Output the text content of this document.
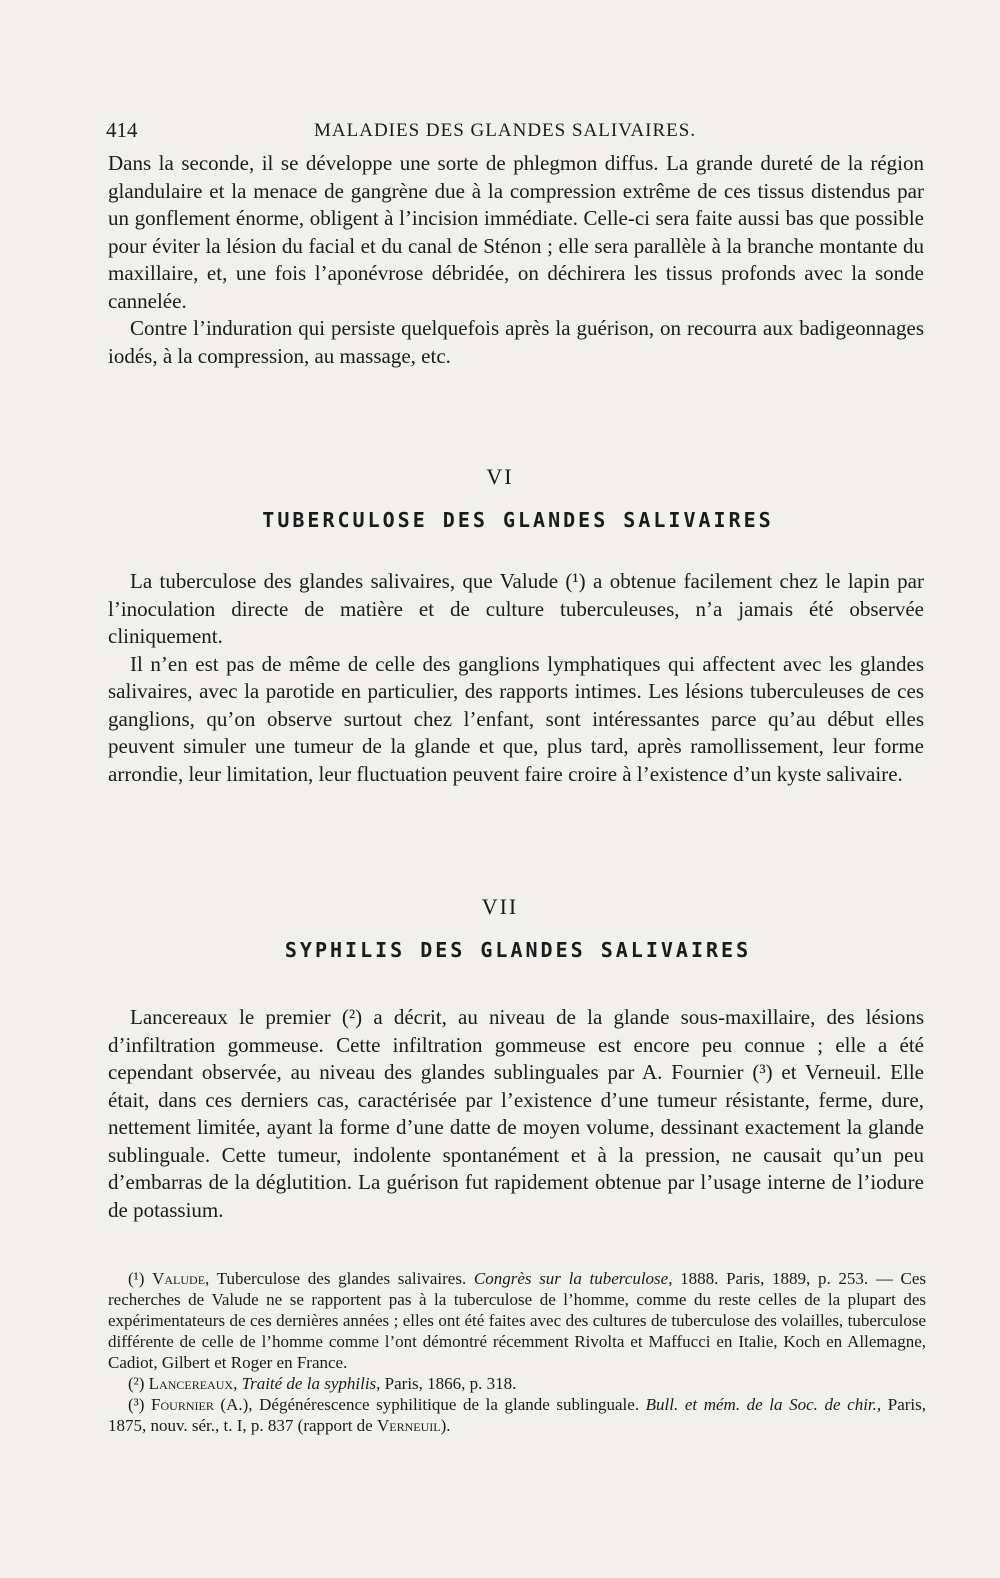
414	MALADIES DES GLANDES SALIVAIRES.

Dans la seconde, il se développe une sorte de phlegmon diffus. La grande dureté de la région glandulaire et la menace de gangrène due à la compression extrême de ces tissus distendus par un gonflement énorme, obligent à l’incision immédiate. Celle-ci sera faite aussi bas que possible pour éviter la lésion du facial et du canal de Sténon ; elle sera parallèle à la branche montante du maxillaire, et, une fois l’aponévrose débridée, on déchirera les tissus profonds avec la sonde cannelée.

Contre l’induration qui persiste quelquefois après la guérison, on recourra aux badigeonnages iodés, à la compression, au massage, etc.

VI
TUBERCULOSE DES GLANDES SALIVAIRES

La tuberculose des glandes salivaires, que Valude (¹) a obtenue facilement chez le lapin par l’inoculation directe de matière et de culture tuberculeuses, n’a jamais été observée cliniquement.

Il n’en est pas de même de celle des ganglions lymphatiques qui affectent avec les glandes salivaires, avec la parotide en particulier, des rapports intimes. Les lésions tuberculeuses de ces ganglions, qu’on observe surtout chez l’enfant, sont intéressantes parce qu’au début elles peuvent simuler une tumeur de la glande et que, plus tard, après ramollissement, leur forme arrondie, leur limitation, leur fluctuation peuvent faire croire à l’existence d’un kyste salivaire.

VII
SYPHILIS DES GLANDES SALIVAIRES

Lancereaux le premier (²) a décrit, au niveau de la glande sous-maxillaire, des lésions d’infiltration gommeuse. Cette infiltration gommeuse est encore peu connue ; elle a été cependant observée, au niveau des glandes sublinguales par A. Fournier (³) et Verneuil. Elle était, dans ces derniers cas, caractérisée par l’existence d’une tumeur résistante, ferme, dure, nettement limitée, ayant la forme d’une datte de moyen volume, dessinant exactement la glande sublinguale. Cette tumeur, indolente spontanément et à la pression, ne causait qu’un peu d’embarras de la déglutition. La guérison fut rapidement obtenue par l’usage interne de l’iodure de potassium.

(¹) Valude, Tuberculose des glandes salivaires. Congrès sur la tuberculose, 1888. Paris, 1889, p. 253. — Ces recherches de Valude ne se rapportent pas à la tuberculose de l’homme, comme du reste celles de la plupart des expérimentateurs de ces dernières années ; elles ont été faites avec des cultures de tuberculose des volailles, tuberculose différente de celle de l’homme comme l’ont démontré récemment Rivolta et Maffucci en Italie, Koch en Allemagne, Cadiot, Gilbert et Roger en France.

(²) Lancereaux, Traité de la syphilis, Paris, 1866, p. 318.

(³) Fournier (A.), Dégénérescence syphilitique de la glande sublinguale. Bull. et mém. de la Soc. de chir., Paris, 1875, nouv. sér., t. I, p. 837 (rapport de Verneuil).
